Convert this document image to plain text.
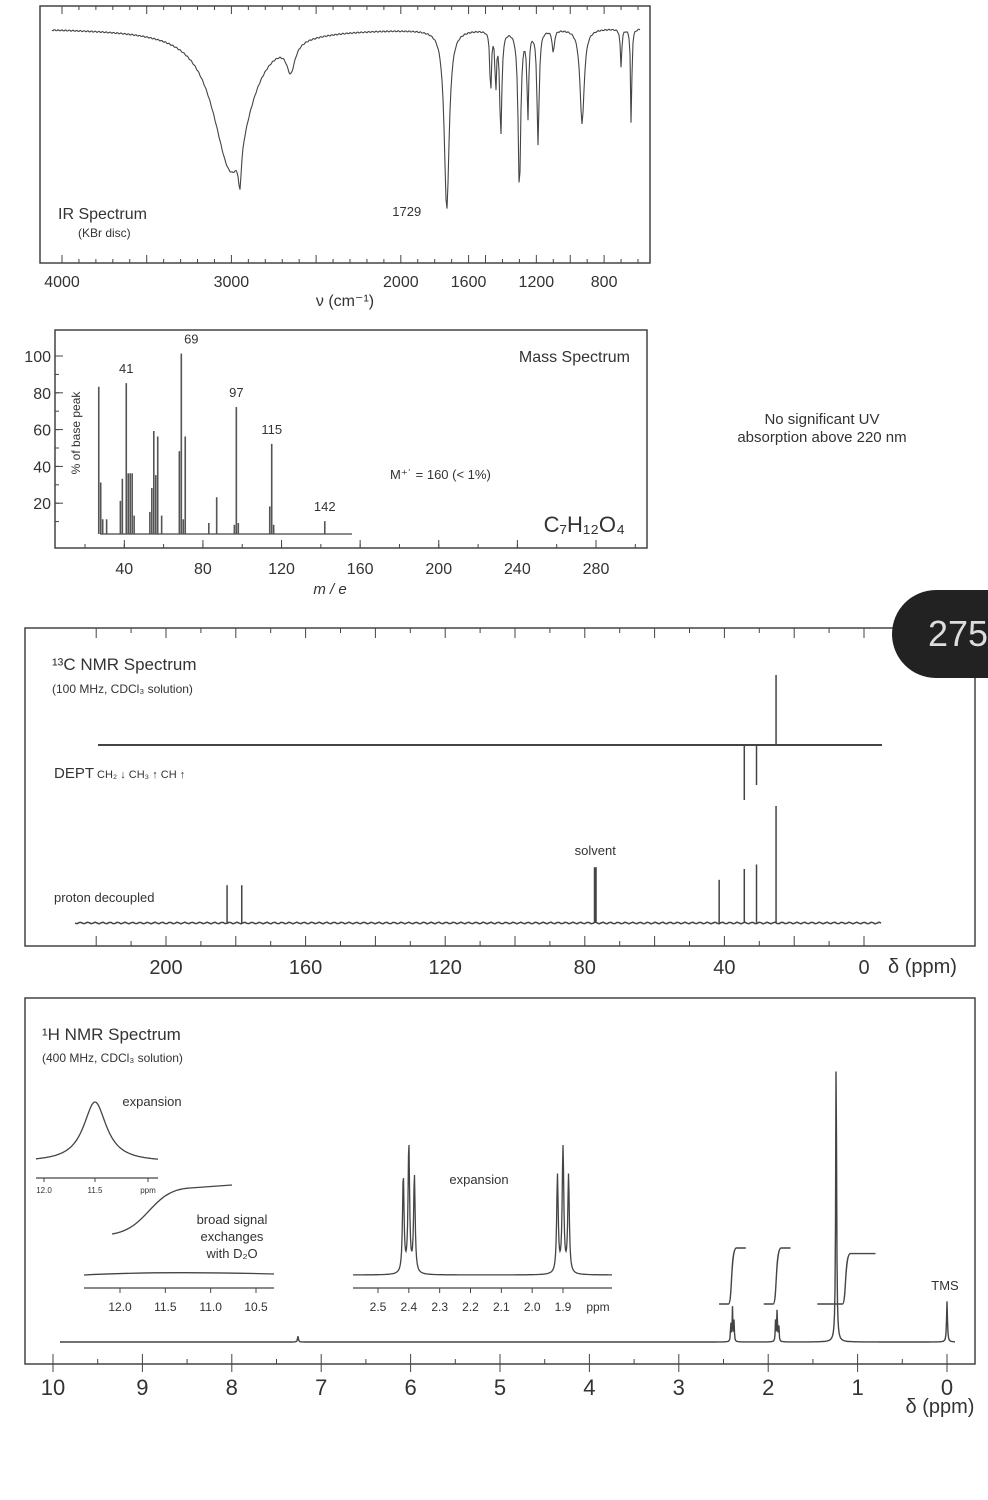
4000	3000	2000 1600 1200 800
ν (cm⁻¹)
IR Spectrum
(KBr disc)
1729
41
69
97
115
142
20
40
60
80
100
% of base peak
40	80	120	160	200	240	280
m / e
Mass Spectrum
M⁺˙ = 160 (< 1%)
C₇H₁₂O₄
No significant UV
absorption above 220 nm
200	160	120	80	40	0 δ (ppm)
¹³C NMR Spectrum
(100 MHz, CDCl₃ solution)
DEPT CH₂ ↓ CH₃ ↑ CH ↑
proton decoupled
solvent
10	9	8	7	6	5	4	3	2	1	0
δ (ppm)
¹H NMR Spectrum
(400 MHz, CDCl₃ solution)
TMS
2.5 2.4 2.3 2.2 2.1 2.0 1.9 ppm
expansion
12.0 11.5 11.0 10.5
broad signal
exchanges
with D₂O
12.0	11.5	ppm
expansion
275
